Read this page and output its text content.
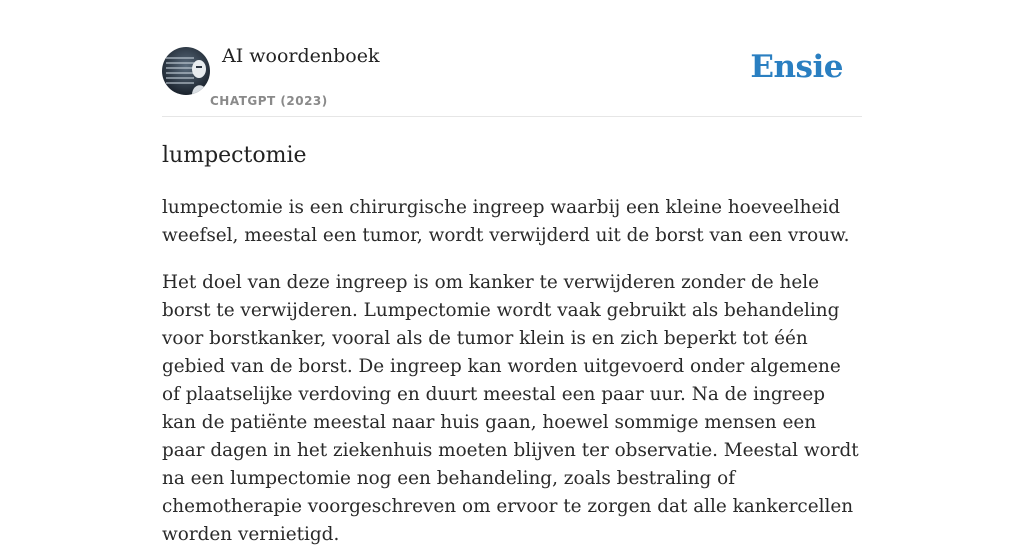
AI woordenboek
CHATGPT (2023)
Ensie
lumpectomie

lumpectomie is een chirurgische ingreep waarbij een kleine hoeveelheid weefsel, meestal een tumor, wordt verwijderd uit de borst van een vrouw.

Het doel van deze ingreep is om kanker te verwijderen zonder de hele borst te verwijderen. Lumpectomie wordt vaak gebruikt als behandeling voor borstkanker, vooral als de tumor klein is en zich beperkt tot één gebied van de borst. De ingreep kan worden uitgevoerd onder algemene of plaatselijke verdoving en duurt meestal een paar uur. Na de ingreep kan de patiënte meestal naar huis gaan, hoewel sommige mensen een paar dagen in het ziekenhuis moeten blijven ter observatie. Meestal wordt na een lumpectomie nog een behandeling, zoals bestraling of chemotherapie voorgeschreven om ervoor te zorgen dat alle kankercellen worden vernietigd.
